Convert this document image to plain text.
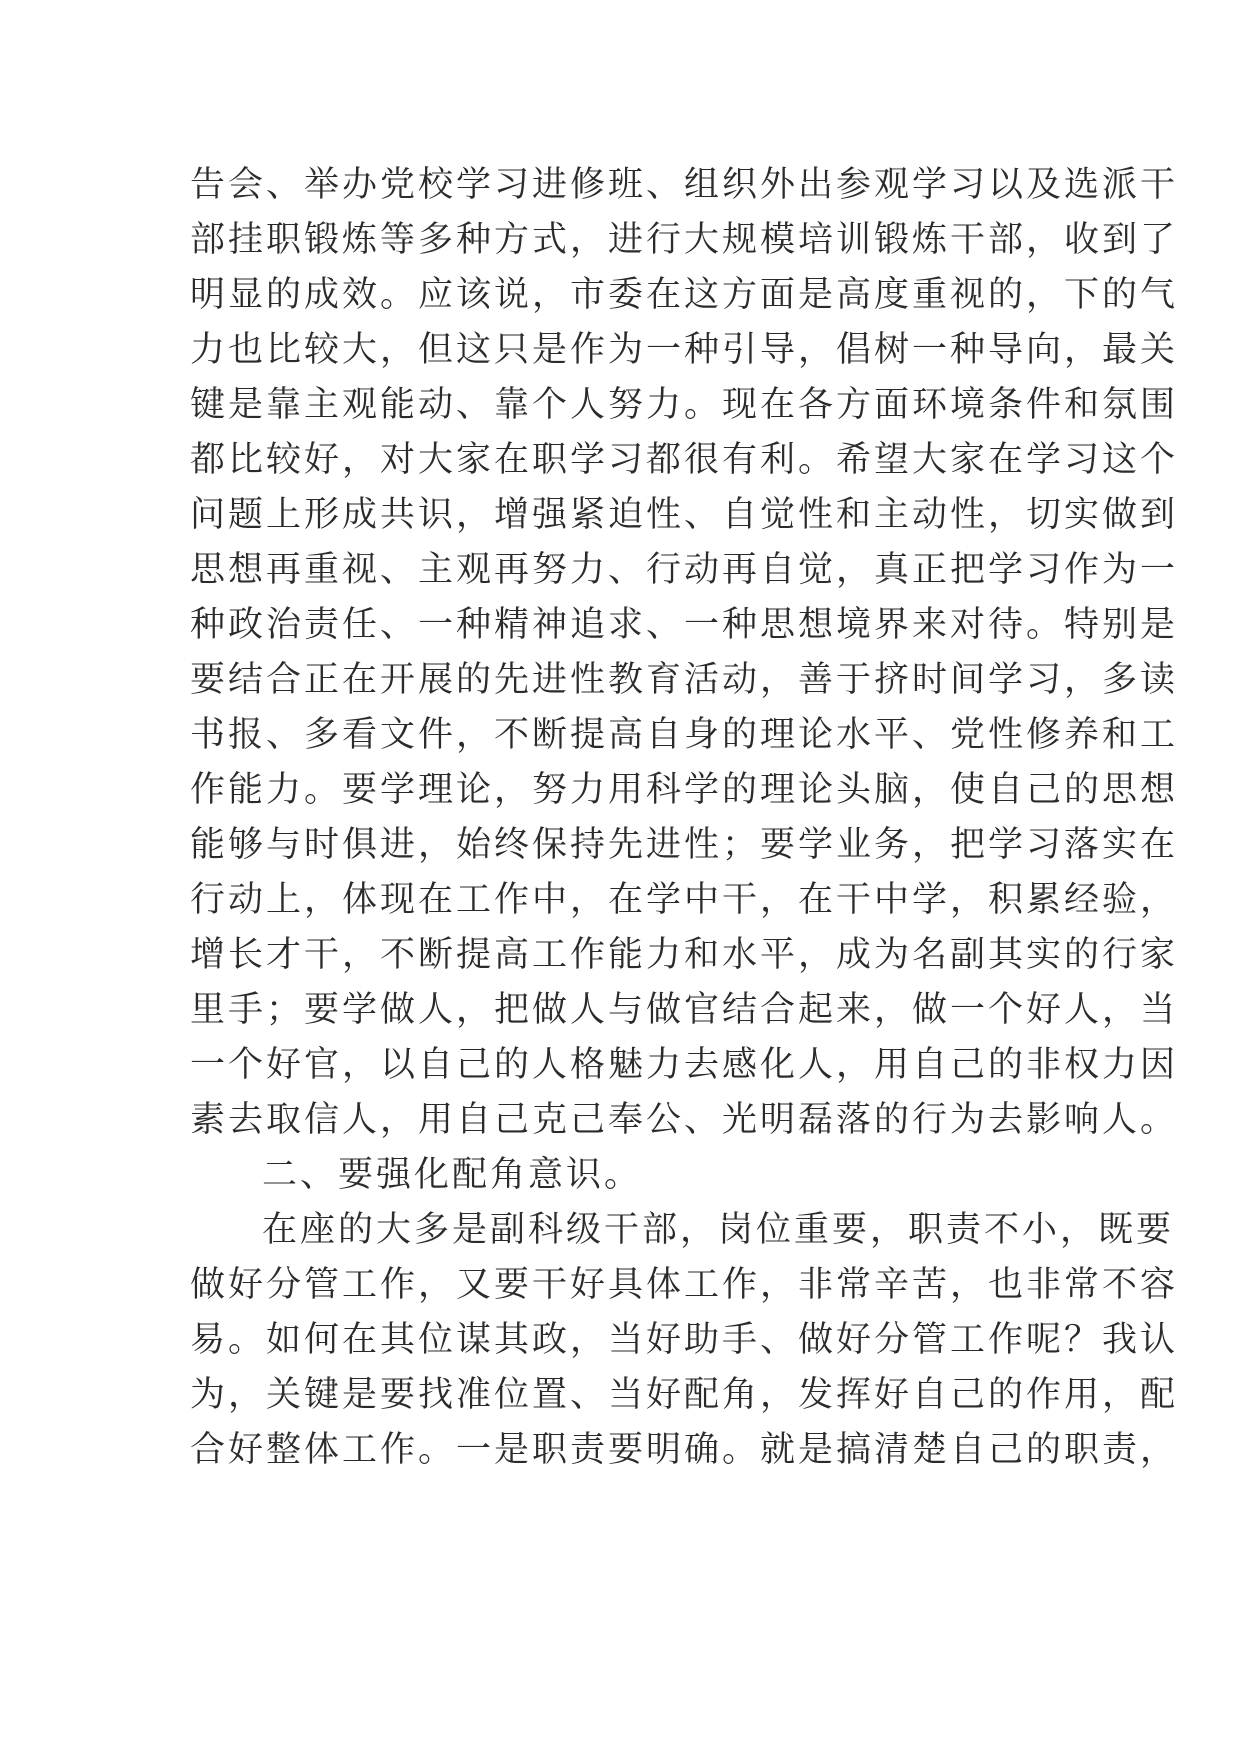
告会、举办党校学习进修班、组织外出参观学习以及选派干
部挂职锻炼等多种方式，进行大规模培训锻炼干部，收到了
明显的成效。应该说，市委在这方面是高度重视的，下的气
力也比较大，但这只是作为一种引导，倡树一种导向，最关
键是靠主观能动、靠个人努力。现在各方面环境条件和氛围
都比较好，对大家在职学习都很有利。希望大家在学习这个
问题上形成共识，增强紧迫性、自觉性和主动性，切实做到
思想再重视、主观再努力、行动再自觉，真正把学习作为一
种政治责任、一种精神追求、一种思想境界来对待。特别是
要结合正在开展的先进性教育活动，善于挤时间学习，多读
书报、多看文件，不断提高自身的理论水平、党性修养和工
作能力。要学理论，努力用科学的理论头脑，使自己的思想
能够与时俱进，始终保持先进性；要学业务，把学习落实在
行动上，体现在工作中，在学中干，在干中学，积累经验，
增长才干，不断提高工作能力和水平，成为名副其实的行家
里手；要学做人，把做人与做官结合起来，做一个好人，当
一个好官，以自己的人格魅力去感化人，用自己的非权力因
素去取信人，用自己克己奉公、光明磊落的行为去影响人。
二、要强化配角意识。
在座的大多是副科级干部，岗位重要，职责不小，既要
做好分管工作，又要干好具体工作，非常辛苦，也非常不容
易。如何在其位谋其政，当好助手、做好分管工作呢？我认
为，关键是要找准位置、当好配角，发挥好自己的作用，配
合好整体工作。一是职责要明确。就是搞清楚自己的职责，
